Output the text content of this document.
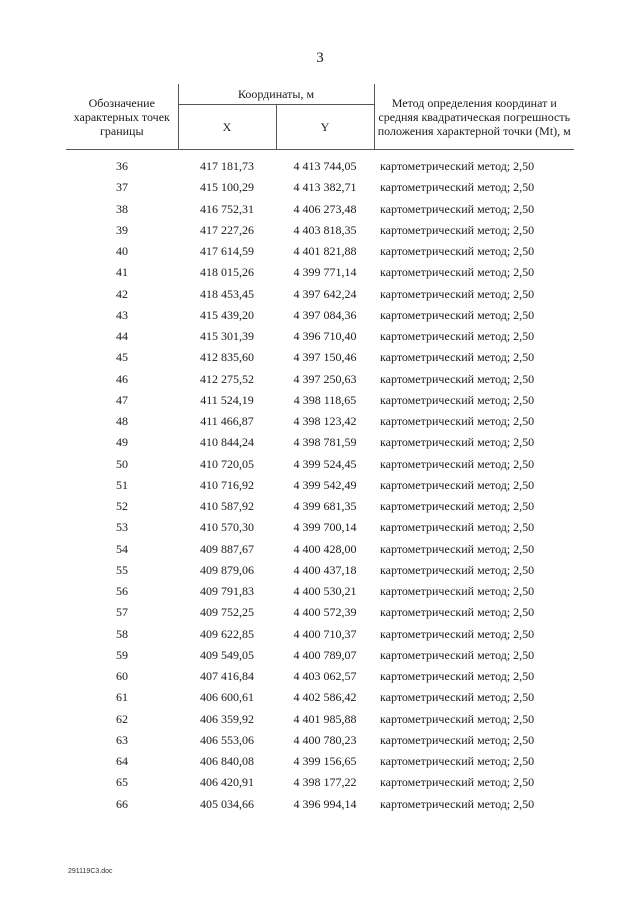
3
Обозначение характерных точек границы	Координаты, м		Метод определения координат и средняя квадратическая погрешность положения характерной точки (Mt), м
	X	Y	
36	417 181,73	4 413 744,05	картометрический метод; 2,50
37	415 100,29	4 413 382,71	картометрический метод; 2,50
38	416 752,31	4 406 273,48	картометрический метод; 2,50
39	417 227,26	4 403 818,35	картометрический метод; 2,50
40	417 614,59	4 401 821,88	картометрический метод; 2,50
41	418 015,26	4 399 771,14	картометрический метод; 2,50
42	418 453,45	4 397 642,24	картометрический метод; 2,50
43	415 439,20	4 397 084,36	картометрический метод; 2,50
44	415 301,39	4 396 710,40	картометрический метод; 2,50
45	412 835,60	4 397 150,46	картометрический метод; 2,50
46	412 275,52	4 397 250,63	картометрический метод; 2,50
47	411 524,19	4 398 118,65	картометрический метод; 2,50
48	411 466,87	4 398 123,42	картометрический метод; 2,50
49	410 844,24	4 398 781,59	картометрический метод; 2,50
50	410 720,05	4 399 524,45	картометрический метод; 2,50
51	410 716,92	4 399 542,49	картометрический метод; 2,50
52	410 587,92	4 399 681,35	картометрический метод; 2,50
53	410 570,30	4 399 700,14	картометрический метод; 2,50
54	409 887,67	4 400 428,00	картометрический метод; 2,50
55	409 879,06	4 400 437,18	картометрический метод; 2,50
56	409 791,83	4 400 530,21	картометрический метод; 2,50
57	409 752,25	4 400 572,39	картометрический метод; 2,50
58	409 622,85	4 400 710,37	картометрический метод; 2,50
59	409 549,05	4 400 789,07	картометрический метод; 2,50
60	407 416,84	4 403 062,57	картометрический метод; 2,50
61	406 600,61	4 402 586,42	картометрический метод; 2,50
62	406 359,92	4 401 985,88	картометрический метод; 2,50
63	406 553,06	4 400 780,23	картометрический метод; 2,50
64	406 840,08	4 399 156,65	картометрический метод; 2,50
65	406 420,91	4 398 177,22	картометрический метод; 2,50
66	405 034,66	4 396 994,14	картометрический метод; 2,50
291119С3.doc
